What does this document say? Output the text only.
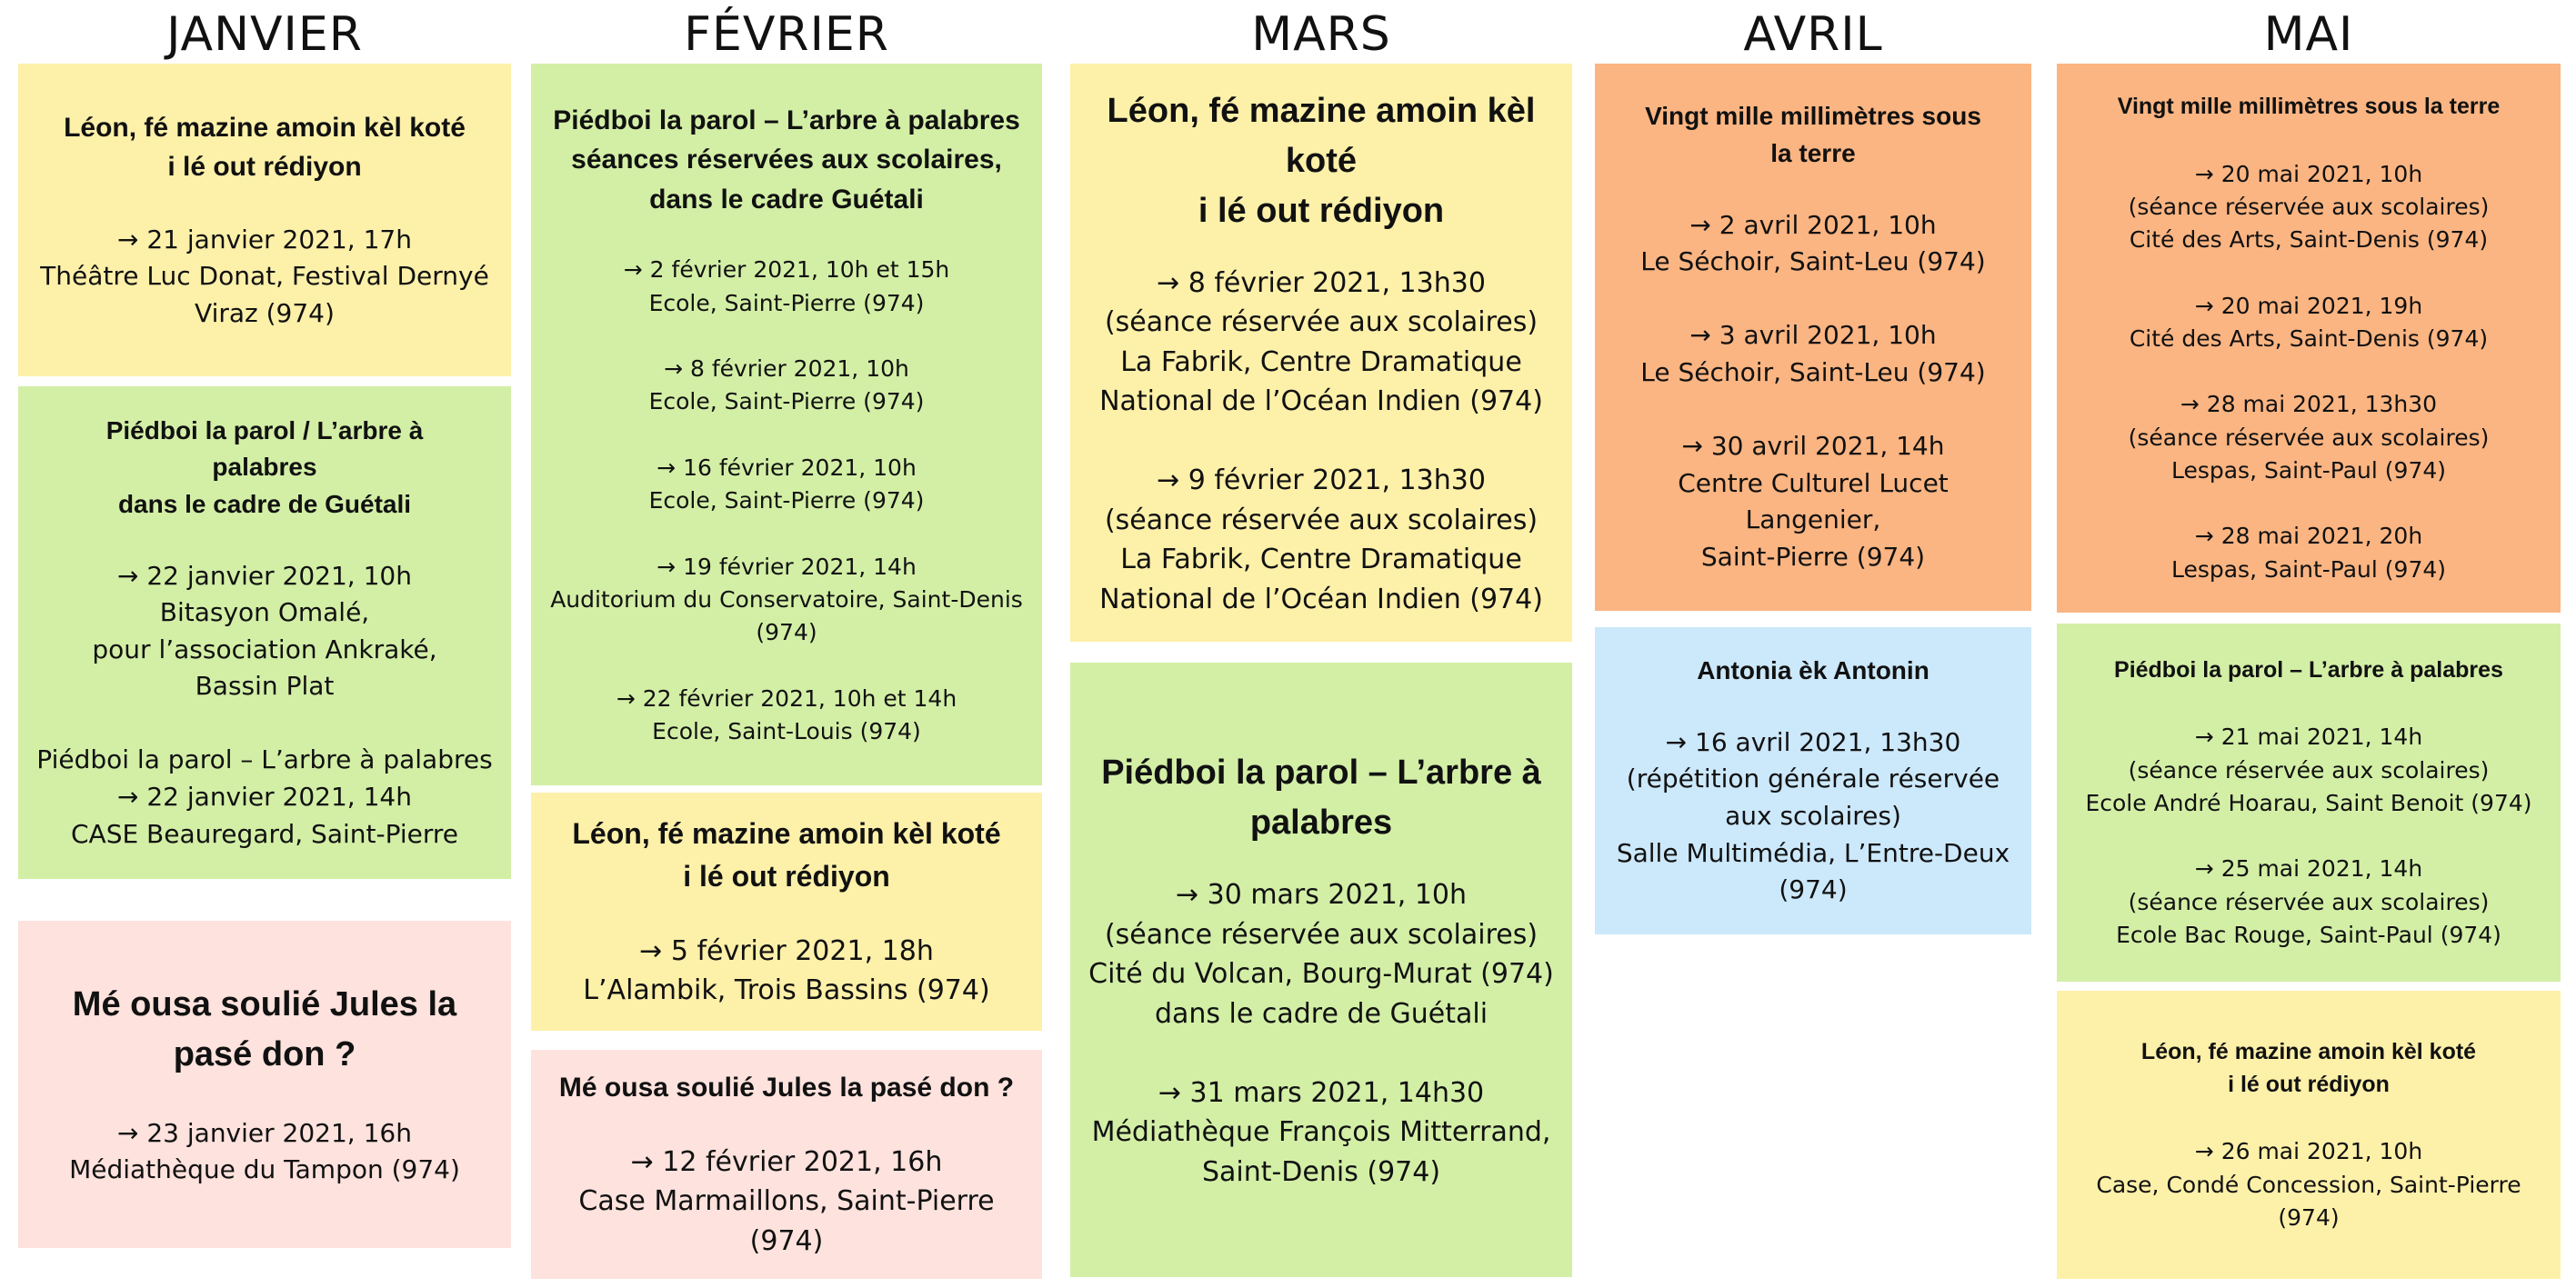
JANVIER	FÉVRIER	MARS	AVRIL	MAI
Léon, fé mazine amoin kèl koté
i lé out rédiyon
→ 21 janvier 2021, 17h
Théâtre Luc Donat, Festival Dernyé
Viraz (974)
Piédboi la parol / L’arbre à
palabres
dans le cadre de Guétali
→ 22 janvier 2021, 10h
Bitasyon Omalé,
pour l’association Ankraké,
Bassin Plat

Piédboi la parol – L’arbre à palabres
→ 22 janvier 2021, 14h
CASE Beauregard, Saint-Pierre
Mé ousa soulié Jules la
pasé don ?
→ 23 janvier 2021, 16h
Médiathèque du Tampon (974)
Piédboi la parol – L’arbre à palabres
séances réservées aux scolaires,
dans le cadre Guétali
→ 2 février 2021, 10h et 15h
Ecole, Saint-Pierre (974)

→ 8 février 2021, 10h
Ecole, Saint-Pierre (974)

→ 16 février 2021, 10h
Ecole, Saint-Pierre (974)

→ 19 février 2021, 14h
Auditorium du Conservatoire, Saint-Denis
(974)

→ 22 février 2021, 10h et 14h
Ecole, Saint-Louis (974)
Léon, fé mazine amoin kèl koté
i lé out rédiyon
→ 5 février 2021, 18h
L’Alambik, Trois Bassins (974)
Mé ousa soulié Jules la pasé don ?
→ 12 février 2021, 16h
Case Marmaillons, Saint-Pierre (974)
Léon, fé mazine amoin kèl
koté
i lé out rédiyon
→ 8 février 2021, 13h30
(séance réservée aux scolaires)
La Fabrik, Centre Dramatique
National de l’Océan Indien (974)

→ 9 février 2021, 13h30
(séance réservée aux scolaires)
La Fabrik, Centre Dramatique
National de l’Océan Indien (974)
Piédboi la parol – L’arbre à
palabres
→ 30 mars 2021, 10h
(séance réservée aux scolaires)
Cité du Volcan, Bourg-Murat (974)
dans le cadre de Guétali

→ 31 mars 2021, 14h30
Médiathèque François Mitterrand,
Saint-Denis (974)
Vingt mille millimètres sous
la terre
→ 2 avril 2021, 10h
Le Séchoir, Saint-Leu (974)

→ 3 avril 2021, 10h
Le Séchoir, Saint-Leu (974)

→ 30 avril 2021, 14h
Centre Culturel Lucet
Langenier,
Saint-Pierre (974)
Antonia èk Antonin
→ 16 avril 2021, 13h30
(répétition générale réservée
aux scolaires)
Salle Multimédia, L’Entre-Deux
(974)
Vingt mille millimètres sous la terre
→ 20 mai 2021, 10h
(séance réservée aux scolaires)
Cité des Arts, Saint-Denis (974)

→ 20 mai 2021, 19h
Cité des Arts, Saint-Denis (974)

→ 28 mai 2021, 13h30
(séance réservée aux scolaires)
Lespas, Saint-Paul (974)

→ 28 mai 2021, 20h
Lespas, Saint-Paul (974)
Piédboi la parol – L’arbre à palabres
→ 21 mai 2021, 14h
(séance réservée aux scolaires)
Ecole André Hoarau, Saint Benoit (974)

→ 25 mai 2021, 14h
(séance réservée aux scolaires)
Ecole Bac Rouge, Saint-Paul (974)
Léon, fé mazine amoin kèl koté
i lé out rédiyon
→ 26 mai 2021, 10h
Case, Condé Concession, Saint-Pierre
(974)
